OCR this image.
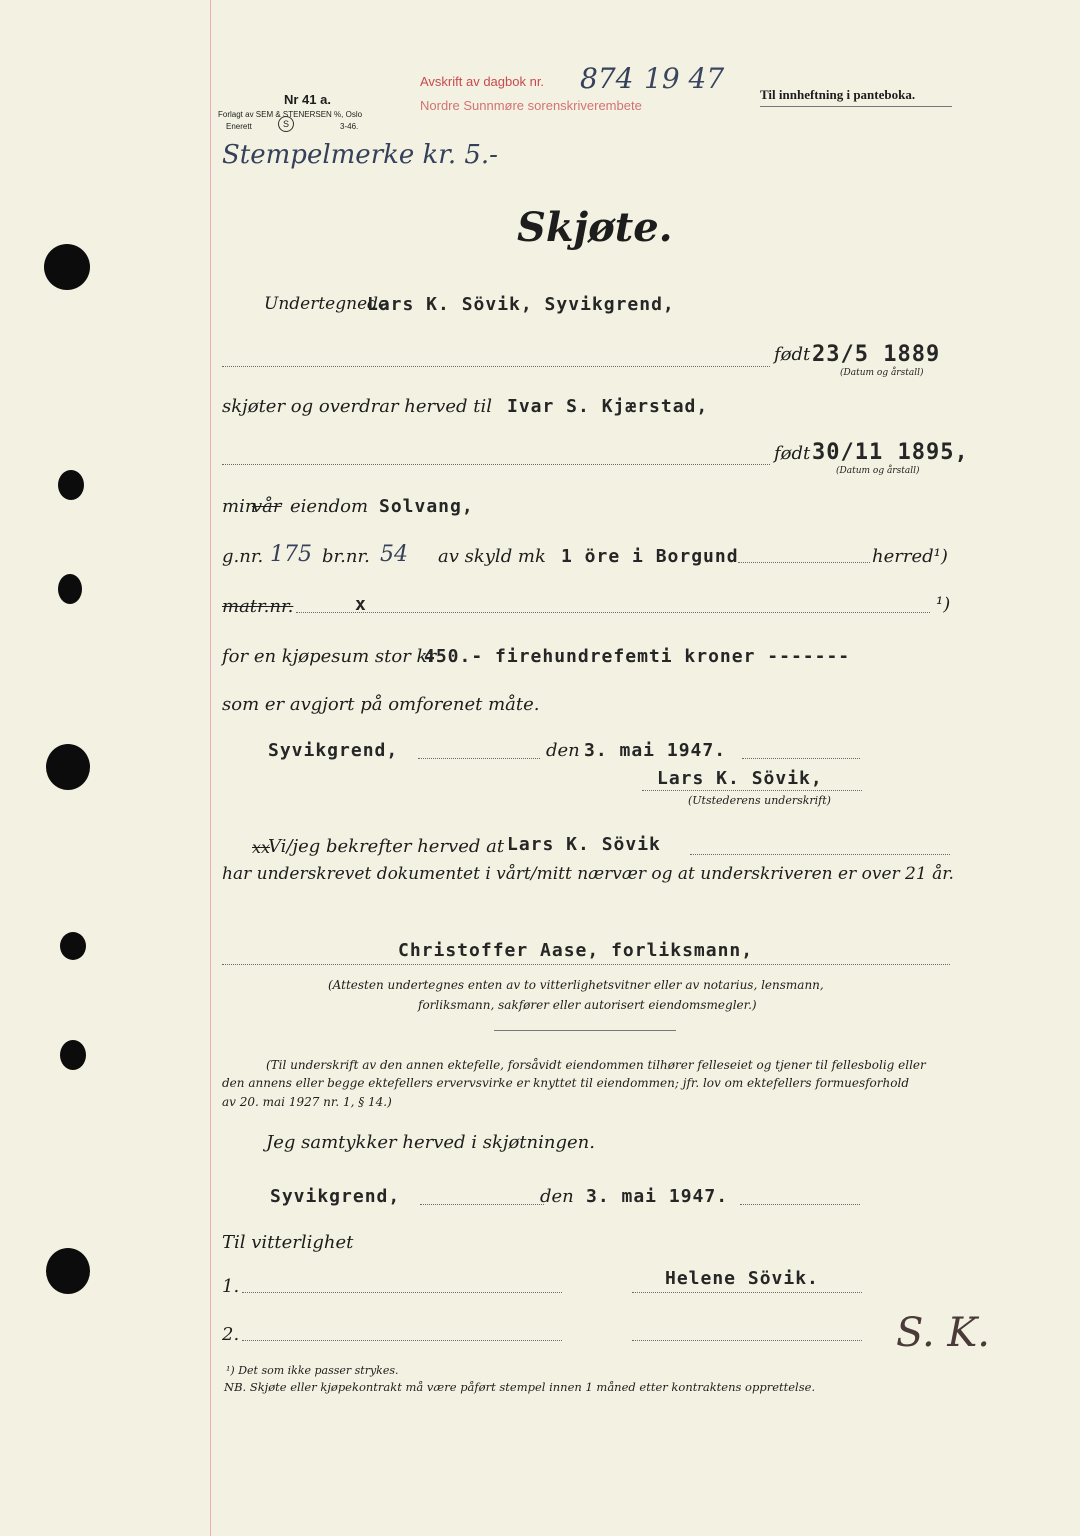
Nr 41 a.
Forlagt av SEM & STENERSEN %, Oslo
Enerett	S	3-46.
Avskrift av dagbok nr. 874 19 47
Nordre Sunnmøre sorenskriverembete
Til innheftning i panteboka.
Stempelmerke kr. 5.-
Skjøte.
Undertegnede
Lars K. Sövik, Syvikgrend,
født 23/5 1889
(Datum og årstall)
skjøter og overdrar herved til Ivar S. Kjærstad,
født 30/11 1895,
(Datum og årstall)
min
vår eiendom Solvang,
g.nr. 175 br.nr. 54 av skyld mk 1 öre i Borgund	herred¹)
matr.nr.	x	¹)
for en kjøpesum stor kr
450.- firehundrefemti kroner -------
som er avgjort på omforenet måte.
Syvikgrend,	den 3. mai 1947.
Lars K. Sövik,
(Utstederens underskrift)
xx
Vi/jeg bekrefter herved at Lars K. Sövik
har underskrevet dokumentet i vårt/mitt nærvær og at underskriveren er over 21 år.
Christoffer Aase, forliksmann,
(Attesten undertegnes enten av to vitterlighetsvitner eller av notarius, lensmann,
forliksmann, sakfører eller autorisert eiendomsmegler.)
(Til underskrift av den annen ektefelle, forsåvidt eiendommen tilhører felleseiet og tjener til fellesbolig eller
den annens eller begge ektefellers ervervsvirke er knyttet til eiendommen; jfr. lov om ektefellers formuesforhold
av 20. mai 1927 nr. 1, § 14.)
Jeg samtykker herved i skjøtningen.
Syvikgrend,	den 3. mai 1947.
Til vitterlighet
1.	Helene Sövik.
2.	S. K.
¹) Det som ikke passer strykes.
NB. Skjøte eller kjøpekontrakt må være påført stempel innen 1 måned etter kontraktens opprettelse.
